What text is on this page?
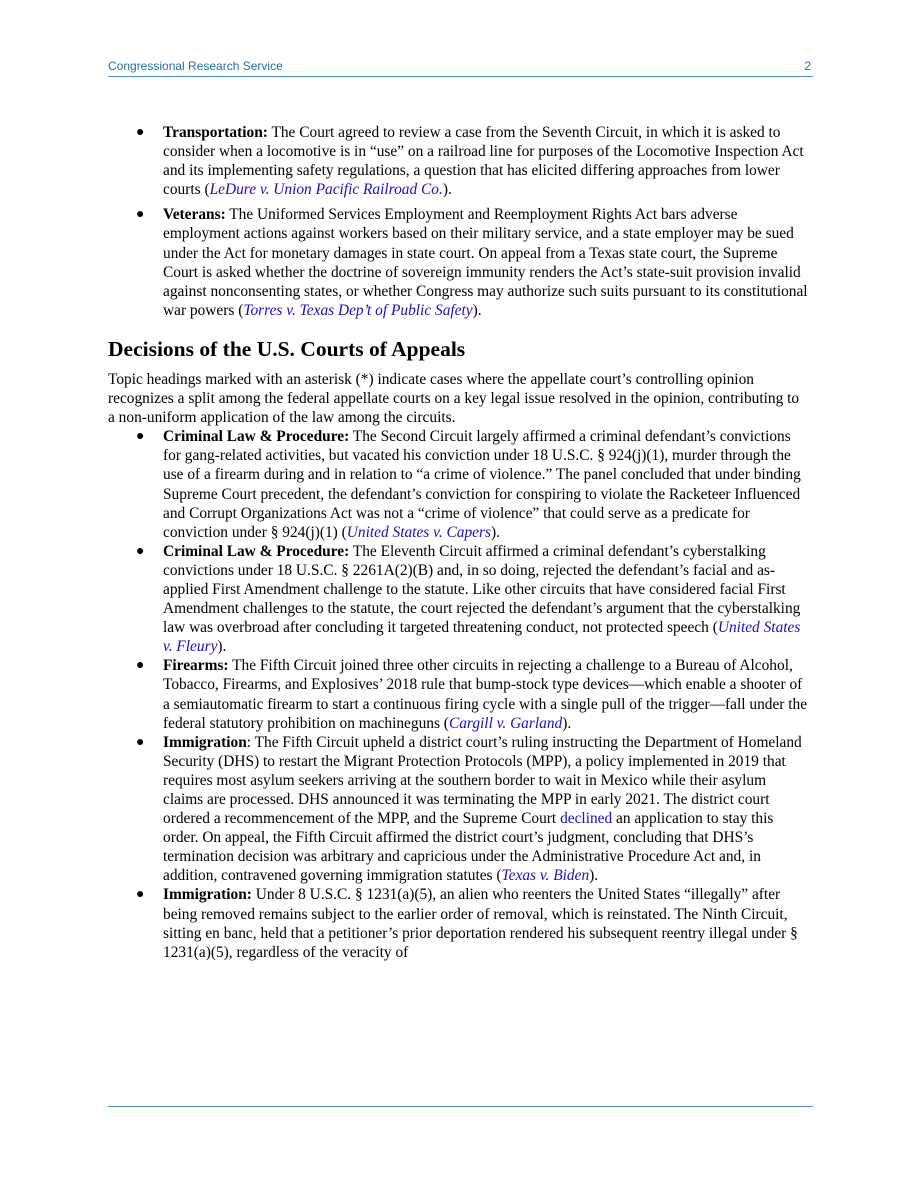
Congressional Research Service	2
● Transportation: The Court agreed to review a case from the Seventh Circuit, in which it is asked to consider when a locomotive is in “use” on a railroad line for purposes of the Locomotive Inspection Act and its implementing safety regulations, a question that has elicited differing approaches from lower courts (LeDure v. Union Pacific Railroad Co.).
● Veterans: The Uniformed Services Employment and Reemployment Rights Act bars adverse employment actions against workers based on their military service, and a state employer may be sued under the Act for monetary damages in state court. On appeal from a Texas state court, the Supreme Court is asked whether the doctrine of sovereign immunity renders the Act’s state-suit provision invalid against nonconsenting states, or whether Congress may authorize such suits pursuant to its constitutional war powers (Torres v. Texas Dep’t of Public Safety).
Decisions of the U.S. Courts of Appeals

Topic headings marked with an asterisk (*) indicate cases where the appellate court’s controlling opinion recognizes a split among the federal appellate courts on a key legal issue resolved in the opinion, contributing to a non-uniform application of the law among the circuits.

● Criminal Law & Procedure: The Second Circuit largely affirmed a criminal defendant’s convictions for gang-related activities, but vacated his conviction under 18 U.S.C. § 924(j)(1), murder through the use of a firearm during and in relation to “a crime of violence.” The panel concluded that under binding Supreme Court precedent, the defendant’s conviction for conspiring to violate the Racketeer Influenced and Corrupt Organizations Act was not a “crime of violence” that could serve as a predicate for conviction under § 924(j)(1) (United States v. Capers).
● Criminal Law & Procedure: The Eleventh Circuit affirmed a criminal defendant’s cyberstalking convictions under 18 U.S.C. § 2261A(2)(B) and, in so doing, rejected the defendant’s facial and as-applied First Amendment challenge to the statute. Like other circuits that have considered facial First Amendment challenges to the statute, the court rejected the defendant’s argument that the cyberstalking law was overbroad after concluding it targeted threatening conduct, not protected speech (United States v. Fleury).
● Firearms: The Fifth Circuit joined three other circuits in rejecting a challenge to a Bureau of Alcohol, Tobacco, Firearms, and Explosives’ 2018 rule that bump-stock type devices—which enable a shooter of a semiautomatic firearm to start a continuous firing cycle with a single pull of the trigger—fall under the federal statutory prohibition on machineguns (Cargill v. Garland).
● Immigration: The Fifth Circuit upheld a district court’s ruling instructing the Department of Homeland Security (DHS) to restart the Migrant Protection Protocols (MPP), a policy implemented in 2019 that requires most asylum seekers arriving at the southern border to wait in Mexico while their asylum claims are processed. DHS announced it was terminating the MPP in early 2021. The district court ordered a recommencement of the MPP, and the Supreme Court declined an application to stay this order. On appeal, the Fifth Circuit affirmed the district court’s judgment, concluding that DHS’s termination decision was arbitrary and capricious under the Administrative Procedure Act and, in addition, contravened governing immigration statutes (Texas v. Biden).
● Immigration: Under 8 U.S.C. § 1231(a)(5), an alien who reenters the United States “illegally” after being removed remains subject to the earlier order of removal, which is reinstated. The Ninth Circuit, sitting en banc, held that a petitioner’s prior deportation rendered his subsequent reentry illegal under § 1231(a)(5), regardless of the veracity of
